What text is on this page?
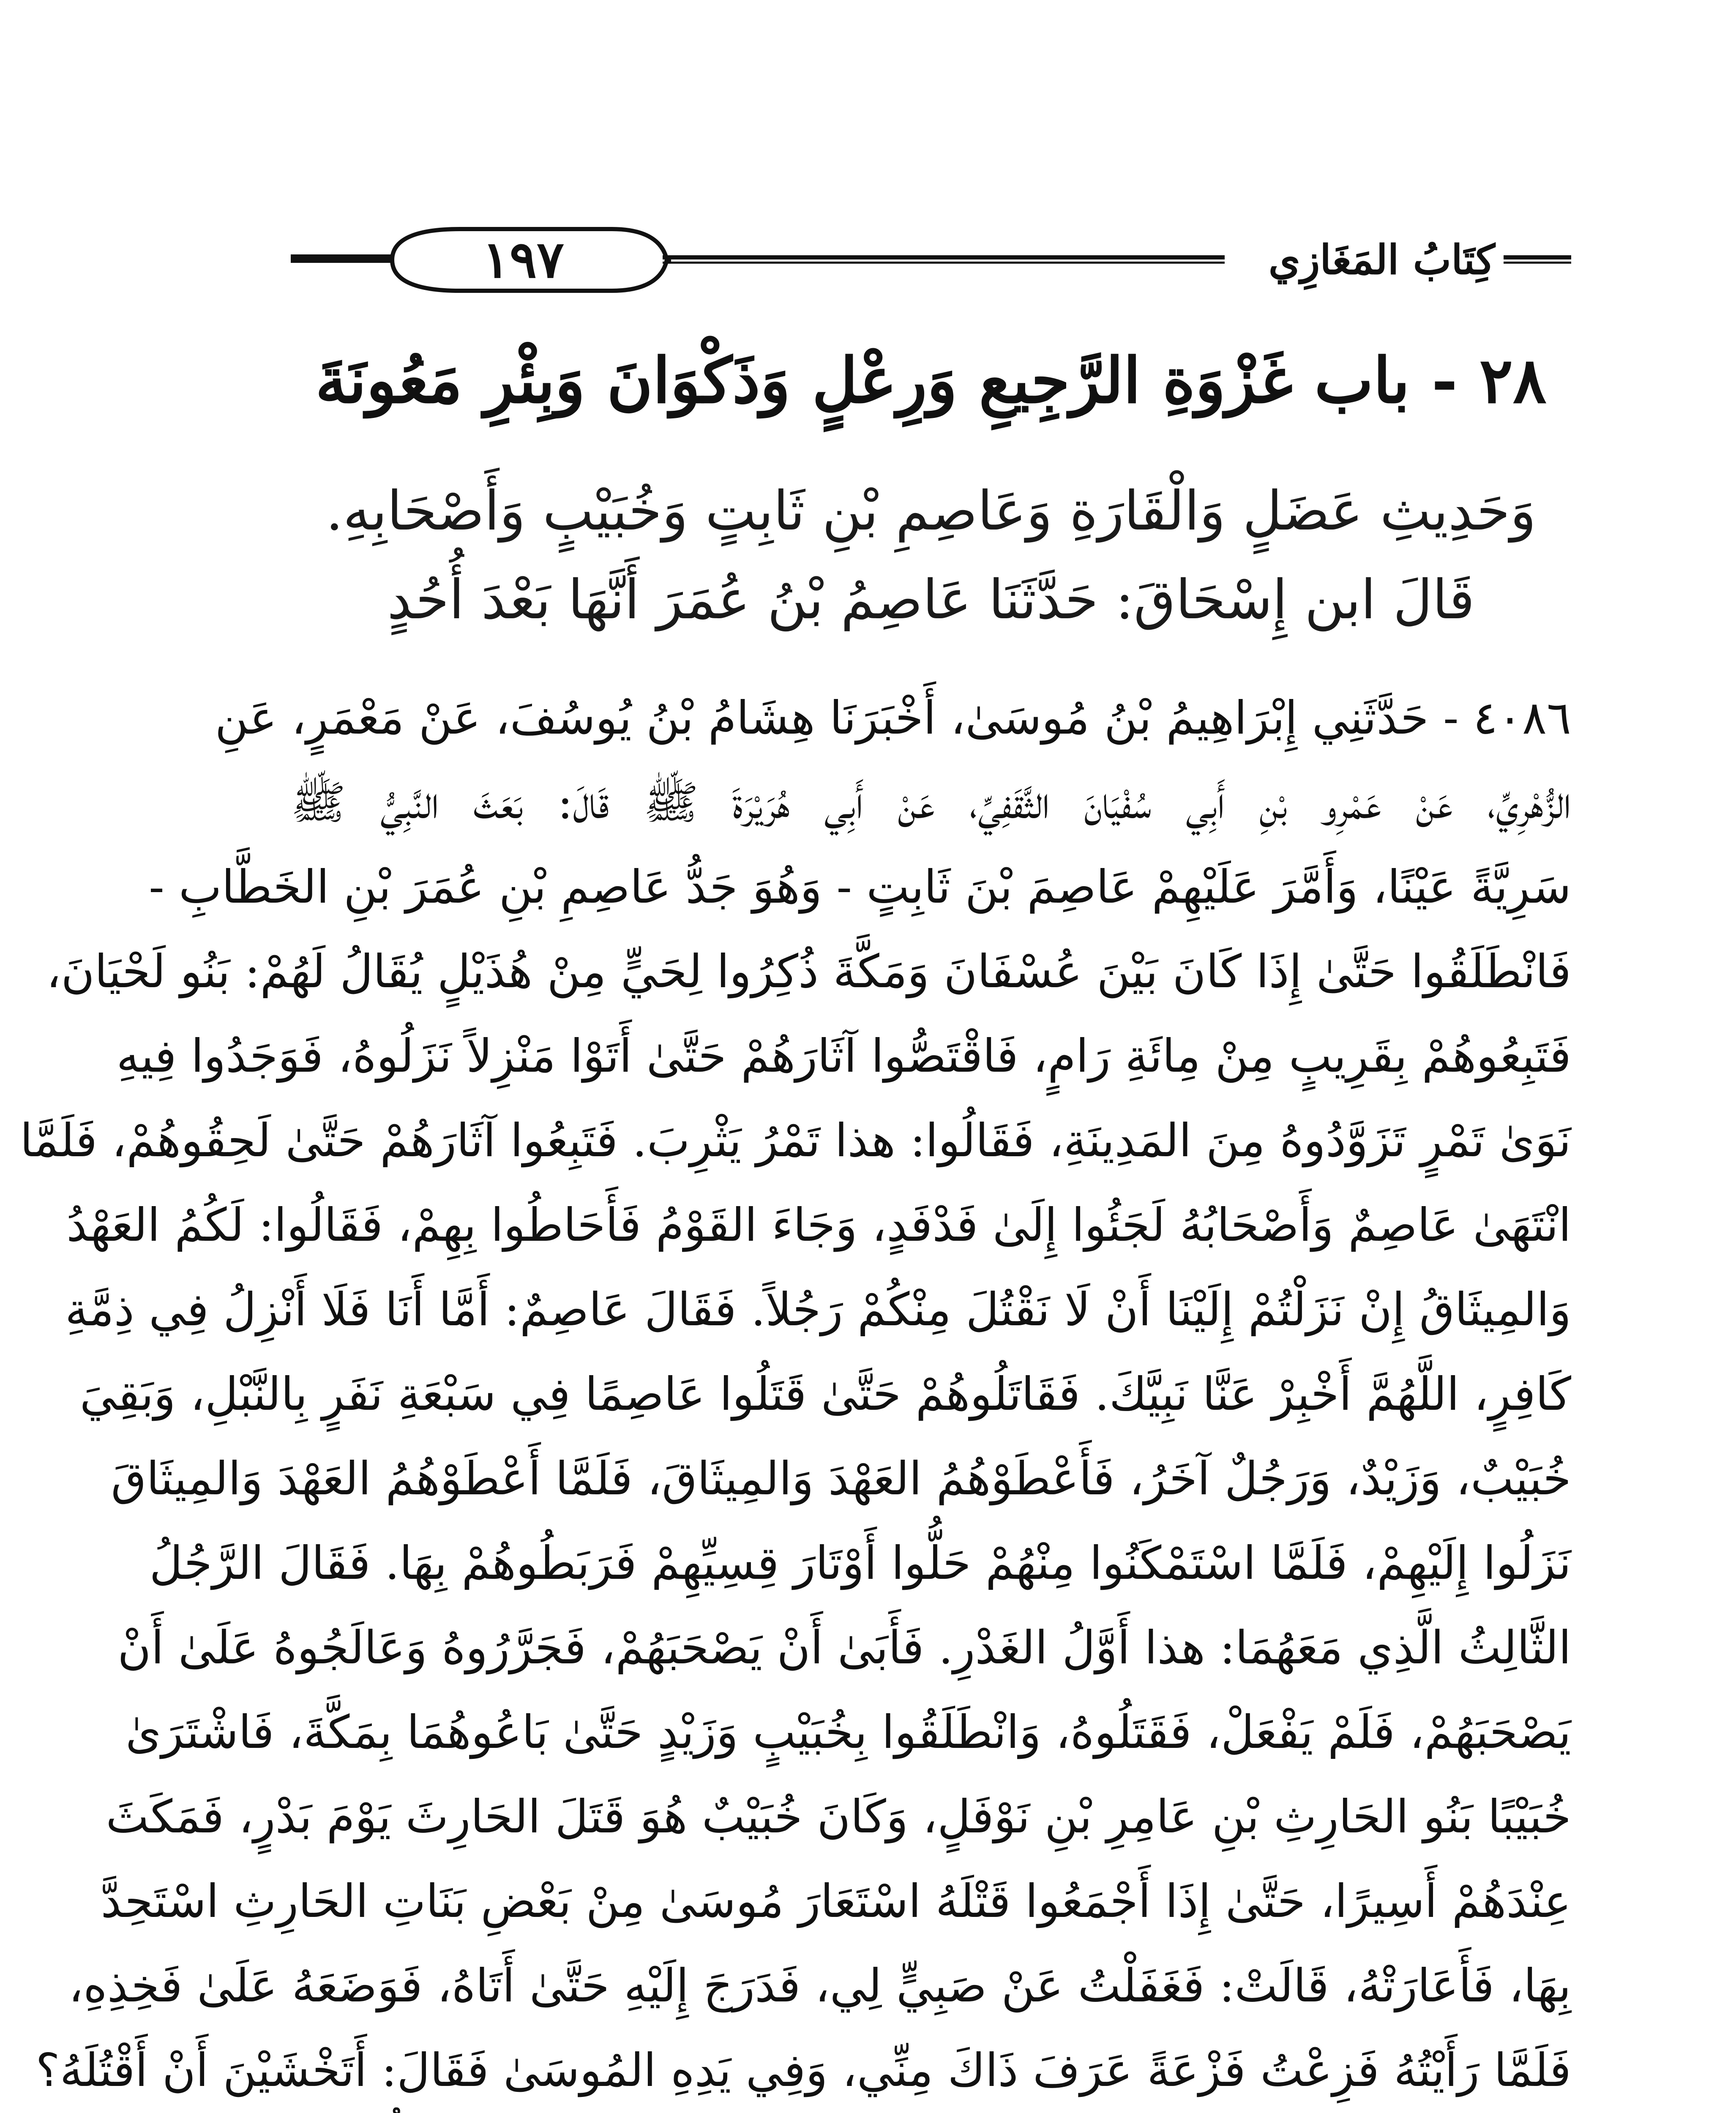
١٩٧	كِتَابُ المَغَازِي
٢٨ - باب غَزْوَةِ الرَّجِيعِ وَرِعْلٍ وَذَكْوَانَ وَبِئْرِ مَعُونَةَ
وَحَدِيثِ عَضَلٍ وَالْقَارَةِ وَعَاصِمِ بْنِ ثَابِتٍ وَخُبَيْبٍ وَأَصْحَابِهِ.
قَالَ ابن إِسْحَاقَ: حَدَّثَنَا عَاصِمُ بْنُ عُمَرَ أَنَّهَا بَعْدَ أُحُدٍ
٤٠٨٦ - حَدَّثَنِي إِبْرَاهِيمُ بْنُ مُوسَىٰ، أَخْبَرَنَا هِشَامُ بْنُ يُوسُفَ، عَنْ مَعْمَرٍ، عَنِ
الزُّهْرِيِّ، عَنْ عَمْرِو بْنِ أَبِي سُفْيَانَ الثَّقَفِيِّ، عَنْ أَبِي هُرَيْرَةَ ﷺ قَالَ: بَعَثَ النَّبِيُّ ﷺ
سَرِيَّةً عَيْنًا، وَأَمَّرَ عَلَيْهِمْ عَاصِمَ بْنَ ثَابِتٍ - وَهُوَ جَدُّ عَاصِمِ بْنِ عُمَرَ بْنِ الخَطَّابِ -
فَانْطَلَقُوا حَتَّىٰ إِذَا كَانَ بَيْنَ عُسْفَانَ وَمَكَّةَ ذُكِرُوا لِحَيٍّ مِنْ هُذَيْلٍ يُقَالُ لَهُمْ: بَنُو لَحْيَانَ،
فَتَبِعُوهُمْ بِقَرِيبٍ مِنْ مِائَةِ رَامٍ، فَاقْتَصُّوا آثَارَهُمْ حَتَّىٰ أَتَوْا مَنْزِلاً نَزَلُوهُ، فَوَجَدُوا فِيهِ
نَوَىٰ تَمْرٍ تَزَوَّدُوهُ مِنَ المَدِينَةِ، فَقَالُوا: هذا تَمْرُ يَثْرِبَ. فَتَبِعُوا آثَارَهُمْ حَتَّىٰ لَحِقُوهُمْ، فَلَمَّا
انْتَهَىٰ عَاصِمٌ وَأَصْحَابُهُ لَجَئُوا إِلَىٰ فَدْفَدٍ، وَجَاءَ القَوْمُ فَأَحَاطُوا بِهِمْ، فَقَالُوا: لَكُمُ العَهْدُ
وَالمِيثَاقُ إِنْ نَزَلْتُمْ إِلَيْنَا أَنْ لَا نَقْتُلَ مِنْكُمْ رَجُلاً. فَقَالَ عَاصِمٌ: أَمَّا أَنَا فَلَا أَنْزِلُ فِي ذِمَّةِ
كَافِرٍ، اللَّهُمَّ أَخْبِرْ عَنَّا نَبِيَّكَ. فَقَاتَلُوهُمْ حَتَّىٰ قَتَلُوا عَاصِمًا فِي سَبْعَةِ نَفَرٍ بِالنَّبْلِ، وَبَقِيَ
خُبَيْبٌ، وَزَيْدٌ، وَرَجُلٌ آخَرُ، فَأَعْطَوْهُمُ العَهْدَ وَالمِيثَاقَ، فَلَمَّا أَعْطَوْهُمُ العَهْدَ وَالمِيثَاقَ
نَزَلُوا إِلَيْهِمْ، فَلَمَّا اسْتَمْكَنُوا مِنْهُمْ حَلُّوا أَوْتَارَ قِسِيِّهِمْ فَرَبَطُوهُمْ بِهَا. فَقَالَ الرَّجُلُ
الثَّالِثُ الَّذِي مَعَهُمَا: هذا أَوَّلُ الغَدْرِ. فَأَبَىٰ أَنْ يَصْحَبَهُمْ، فَجَرَّرُوهُ وَعَالَجُوهُ عَلَىٰ أَنْ
يَصْحَبَهُمْ، فَلَمْ يَفْعَلْ، فَقَتَلُوهُ، وَانْطَلَقُوا بِخُبَيْبٍ وَزَيْدٍ حَتَّىٰ بَاعُوهُمَا بِمَكَّةَ، فَاشْتَرَىٰ
خُبَيْبًا بَنُو الحَارِثِ بْنِ عَامِرِ بْنِ نَوْفَلٍ، وَكَانَ خُبَيْبٌ هُوَ قَتَلَ الحَارِثَ يَوْمَ بَدْرٍ، فَمَكَثَ
عِنْدَهُمْ أَسِيرًا، حَتَّىٰ إِذَا أَجْمَعُوا قَتْلَهُ اسْتَعَارَ مُوسَىٰ مِنْ بَعْضِ بَنَاتِ الحَارِثِ اسْتَحِدَّ
بِهَا، فَأَعَارَتْهُ، قَالَتْ: فَغَفَلْتُ عَنْ صَبِيٍّ لِي، فَدَرَجَ إِلَيْهِ حَتَّىٰ أَتَاهُ، فَوَضَعَهُ عَلَىٰ فَخِذِهِ،
فَلَمَّا رَأَيْتُهُ فَزِعْتُ فَزْعَةً عَرَفَ ذَاكَ مِنِّي، وَفِي يَدِهِ المُوسَىٰ فَقَالَ: أَتَخْشَيْنَ أَنْ أَقْتُلَهُ؟
